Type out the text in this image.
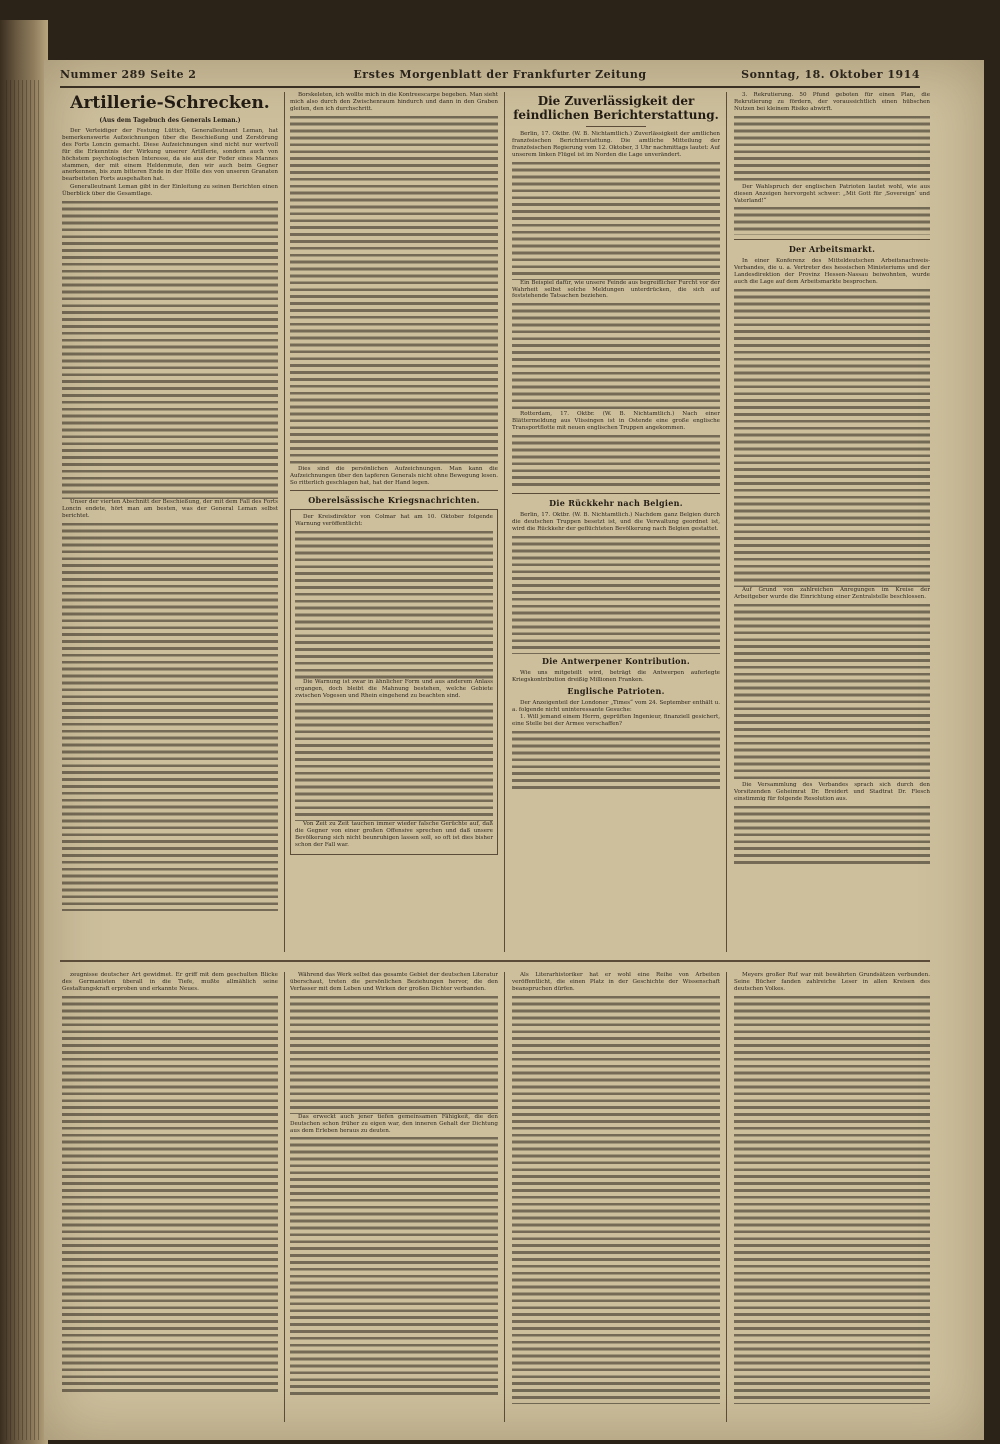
Nummer 289 Seite 2	Erstes Morgenblatt der Frankfurter Zeitung	Sonntag, 18. Oktober 1914
Artillerie-Schrecken.
(Aus dem Tagebuch des Generals Leman.)

Der Verteidiger der Festung Lüttich, Generalleutnant Leman, hat bemerkenswerte Aufzeichnungen über die Beschießung und Zerstörung des Forts Loncin gemacht. Diese Aufzeichnungen sind nicht nur wertvoll für die Erkenntnis der Wirkung unserer Artillerie, sondern auch von höchstem psychologischen Interesse, da sie aus der Feder eines Mannes stammen, der mit einem Heldenmute, den wir auch beim Gegner anerkennen, bis zum bitteren Ende in der Hölle des von unseren Granaten bearbeiteten Forts ausgehalten hat.

Generalleutnant Leman gibt in der Einleitung zu seinen Berichten einen Überblick über die Gesamtlage.

Unser der vierten Abschnitt der Beschießung, der mit dem Fall des Forts Loncin endete, hört man am besten, was der General Leman selbst berichtet.

Borskeleten, ich wollte mich in die Kontreescarpe begeben. Man sieht mich also durch den Zwischenraum hindurch und dann in den Graben gleiten, den ich durchschritt.

Dies sind die persönlichen Aufzeichnungen. Man kann die Aufzeichnungen über den tapferen Generals nicht ohne Bewegung lesen. So ritterlich geschlagen hat, hat der Hand legen.

Oberelsässische Kriegsnachrichten.

Der Kreisdirektor von Colmar hat am 10. Oktober folgende Warnung veröffentlicht:

Die Warnung ist zwar in ähnlicher Form und aus anderem Anlass ergangen, doch bleibt die Mahnung bestehen, welche Gebiete zwischen Vogesen und Rhein eingehend zu beachten sind.

Von Zeit zu Zeit tauchen immer wieder falsche Gerüchte auf, daß die Gegner von einer großen Offensive sprechen und daß unsere Bevölkerung sich nicht beunruhigen lassen soll, so oft ist dies bisher schon der Fall war.

Die Zuverlässigkeit der feindlichen Berichterstattung.

Berlin, 17. Oktbr. (W. B. Nichtamtlich.) Zuverlässigkeit der amtlichen französischen Berichterstattung. Die amtliche Mitteilung der französischen Regierung vom 12. Oktober, 3 Uhr nachmittags lautet: Auf unserem linken Flügel ist im Norden die Lage unverändert.

Ein Beispiel dafür, wie unsere Feinde aus begreiflicher Furcht vor der Wahrheit selbst solche Meldungen unterdrücken, die sich auf feststehende Tatsachen beziehen.

Rotterdam, 17. Oktbr. (W. B. Nichtamtlich.) Nach einer Blättermeldung aus Vlissingen ist in Ostende eine große englische Transportflotte mit neuen englischen Truppen angekommen.

Die Rückkehr nach Belgien.

Berlin, 17. Oktbr. (W. B. Nichtamtlich.) Nachdem ganz Belgien durch die deutschen Truppen besetzt ist, und die Verwaltung geordnet ist, wird die Rückkehr der geflüchteten Bevölkerung nach Belgien gestattet.

Die Antwerpener Kontribution.

Wie uns mitgeteilt wird, beträgt die Antwerpen auferlegte Kriegskontribution dreißig Millionen Franken.

Englische Patrioten.

Der Anzeigenteil der Londoner „Times“ vom 24. September enthält u. a. folgende nicht uninteressante Gesuche:

1. Will jemand einem Herrn, geprüften Ingenieur, finanziell gesichert, eine Stelle bei der Armee verschaffen?

3. Rekrutierung. 50 Pfund geboten für einen Plan, die Rekrutierung zu fördern, der voraussichtlich einen hübschen Nutzen bei kleinem Risiko abwirft.

Der Wahlspruch der englischen Patrioten lautet wohl, wie aus diesen Anzeigen hervorgeht schwer: „Mit Gott für ‚Sovereign‘ und Vaterland!“

Der Arbeitsmarkt.

In einer Konferenz des Mitteldeutschen Arbeitsnachweis-Verbandes, die u. a. Vertreter des hessischen Ministeriums und der Landesdirektion der Provinz Hessen-Nassau beiwohnten, wurde auch die Lage auf dem Arbeitsmarkte besprochen.

Auf Grund von zahlreichen Anregungen im Kreise der Arbeitgeber wurde die Einrichtung einer Zentralstelle beschlossen.

Die Versammlung des Verbandes sprach sich durch den Vorsitzenden Geheimrat Dr. Breidert und Stadtrat Dr. Flesch einstimmig für folgende Resolution aus.

zeugnisse deutscher Art gewidmet. Er griff mit dem geschulten Blicke des Germanisten überall in die Tiefe, mußte allmählich seine Gestaltungskraft erproben und erkannte Neues.

Während das Werk selbst das gesamte Gebiet der deutschen Literatur überschaut, treten die persönlichen Beziehungen hervor, die den Verfasser mit dem Leben und Wirken der großen Dichter verbanden.

Das erweckt auch jener tiefen gemeinsamen Fähigkeit, die den Deutschen schon früher zu eigen war, den inneren Gehalt der Dichtung aus dem Erleben heraus zu deuten.

Als Literarhistoriker hat er wohl eine Reihe von Arbeiten veröffentlicht, die einen Platz in der Geschichte der Wissenschaft beanspruchen dürfen.

Meyers großer Ruf war mit bewährten Grundsätzen verbunden. Seine Bücher fanden zahlreiche Leser in allen Kreisen des deutschen Volkes.
